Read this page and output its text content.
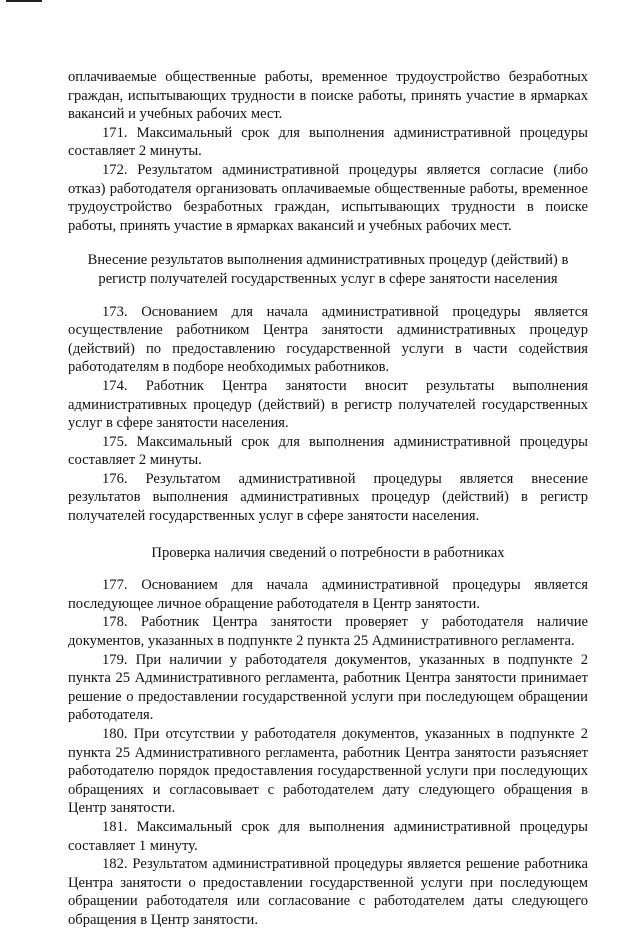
оплачиваемые общественные работы, временное трудоустройство безработных граждан, испытывающих трудности в поиске работы, принять участие в ярмарках вакансий и учебных рабочих мест.

171. Максимальный срок для выполнения административной процедуры составляет 2 минуты.

172. Результатом административной процедуры является согласие (либо отказ) работодателя организовать оплачиваемые общественные работы, временное трудоустройство безработных граждан, испытывающих трудности в поиске работы, принять участие в ярмарках вакансий и учебных рабочих мест.

Внесение результатов выполнения административных процедур (действий) в регистр получателей государственных услуг в сфере занятости населения

173. Основанием для начала административной процедуры является осуществление работником Центра занятости административных процедур (действий) по предоставлению государственной услуги в части содействия работодателям в подборе необходимых работников.

174. Работник Центра занятости вносит результаты выполнения административных процедур (действий) в регистр получателей государственных услуг в сфере занятости населения.

175. Максимальный срок для выполнения административной процедуры составляет 2 минуты.

176. Результатом административной процедуры является внесение результатов выполнения административных процедур (действий) в регистр получателей государственных услуг в сфере занятости населения.

Проверка наличия сведений о потребности в работниках

177. Основанием для начала административной процедуры является последующее личное обращение работодателя в Центр занятости.

178. Работник Центра занятости проверяет у работодателя наличие документов, указанных в подпункте 2 пункта 25 Административного регламента.

179. При наличии у работодателя документов, указанных в подпункте 2 пункта 25 Административного регламента, работник Центра занятости принимает решение о предоставлении государственной услуги при последующем обращении работодателя.

180. При отсутствии у работодателя документов, указанных в подпункте 2 пункта 25 Административного регламента, работник Центра занятости разъясняет работодателю порядок предоставления государственной услуги при последующих обращениях и согласовывает с работодателем дату следующего обращения в Центр занятости.

181. Максимальный срок для выполнения административной процедуры составляет 1 минуту.

182. Результатом административной процедуры является решение работника Центра занятости о предоставлении государственной услуги при последующем обращении работодателя или согласование с работодателем даты следующего обращения в Центр занятости.
